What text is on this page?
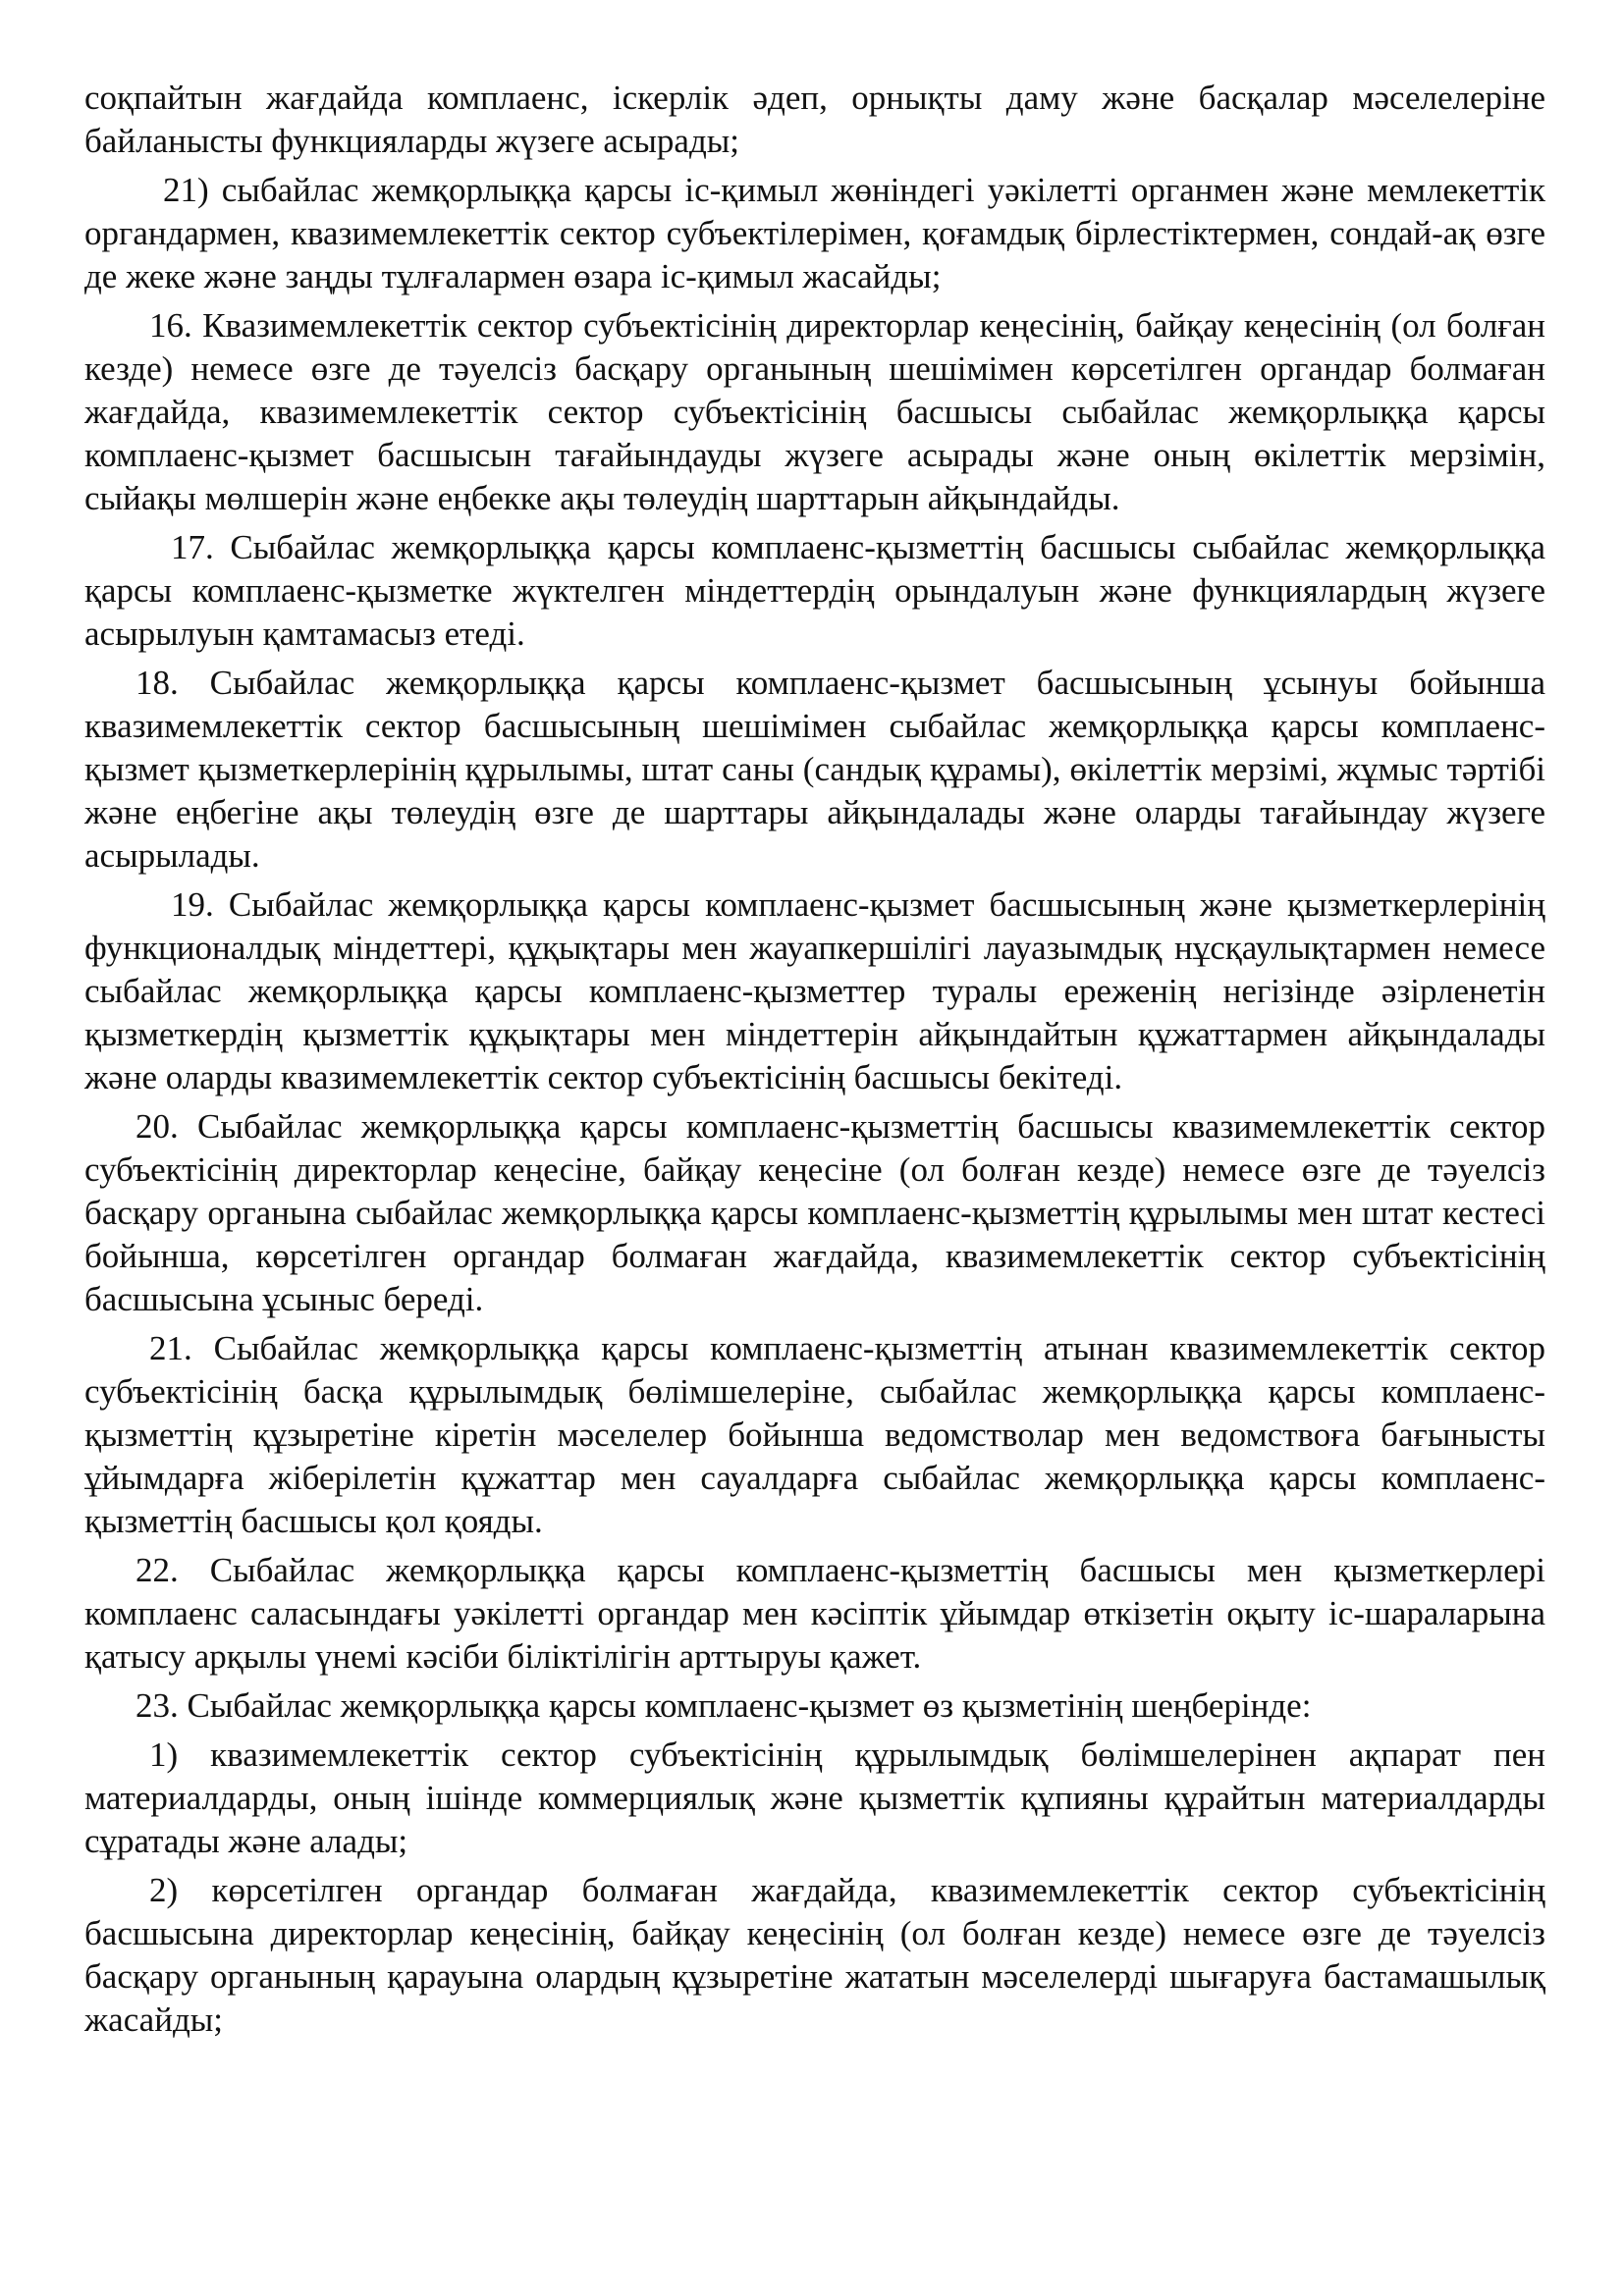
соқпайтын жағдайда комплаенс, іскерлік әдеп, орнықты даму және басқалар мәселелеріне байланысты функцияларды жүзеге асырады;

21) сыбайлас жемқорлыққа қарсы іс-қимыл жөніндегі уәкілетті органмен және мемлекеттік органдармен, квазимемлекеттік сектор субъектілерімен, қоғамдық бірлестіктермен, сондай-ақ өзге де жеке және заңды тұлғалармен өзара іс-қимыл жасайды;

16. Квазимемлекеттік сектор субъектісінің директорлар кеңесінің, байқау кеңесінің (ол болған кезде) немесе өзге де тәуелсіз басқару органының шешімімен көрсетілген органдар болмаған жағдайда, квазимемлекеттік сектор субъектісінің басшысы сыбайлас жемқорлыққа қарсы комплаенс-қызмет басшысын тағайындауды жүзеге асырады және оның өкілеттік мерзімін, сыйақы мөлшерін және еңбекке ақы төлеудің шарттарын айқындайды.

17. Сыбайлас жемқорлыққа қарсы комплаенс-қызметтің басшысы сыбайлас жемқорлыққа қарсы комплаенс-қызметке жүктелген міндеттердің орындалуын және функциялардың жүзеге асырылуын қамтамасыз етеді.

18. Сыбайлас жемқорлыққа қарсы комплаенс-қызмет басшысының ұсынуы бойынша квазимемлекеттік сектор басшысының шешімімен сыбайлас жемқорлыққа қарсы комплаенс-қызмет қызметкерлерінің құрылымы, штат саны (сандық құрамы), өкілеттік мерзімі, жұмыс тәртібі және еңбегіне ақы төлеудің өзге де шарттары айқындалады және оларды тағайындау жүзеге асырылады.

19. Сыбайлас жемқорлыққа қарсы комплаенс-қызмет басшысының және қызметкерлерінің функционалдық міндеттері, құқықтары мен жауапкершілігі лауазымдық нұсқаулықтармен немесе сыбайлас жемқорлыққа қарсы комплаенс-қызметтер туралы ереженің негізінде әзірленетін қызметкердің қызметтік құқықтары мен міндеттерін айқындайтын құжаттармен айқындалады және оларды квазимемлекеттік сектор субъектісінің басшысы бекітеді.

20. Сыбайлас жемқорлыққа қарсы комплаенс-қызметтің басшысы квазимемлекеттік сектор субъектісінің директорлар кеңесіне, байқау кеңесіне (ол болған кезде) немесе өзге де тәуелсіз басқару органына сыбайлас жемқорлыққа қарсы комплаенс-қызметтің құрылымы мен штат кестесі бойынша, көрсетілген органдар болмаған жағдайда, квазимемлекеттік сектор субъектісінің басшысына ұсыныс береді.

21. Сыбайлас жемқорлыққа қарсы комплаенс-қызметтің атынан квазимемлекеттік сектор субъектісінің басқа құрылымдық бөлімшелеріне, сыбайлас жемқорлыққа қарсы комплаенс-қызметтің құзыретіне кіретін мәселелер бойынша ведомстволар мен ведомствоға бағынысты ұйымдарға жіберілетін құжаттар мен сауалдарға сыбайлас жемқорлыққа қарсы комплаенс-қызметтің басшысы қол қояды.

22. Сыбайлас жемқорлыққа қарсы комплаенс-қызметтің басшысы мен қызметкерлері комплаенс саласындағы уәкілетті органдар мен кәсіптік ұйымдар өткізетін оқыту іс-шараларына қатысу арқылы үнемі кәсіби біліктілігін арттыруы қажет.

23. Сыбайлас жемқорлыққа қарсы комплаенс-қызмет өз қызметінің шеңберінде:

1) квазимемлекеттік сектор субъектісінің құрылымдық бөлімшелерінен ақпарат пен материалдарды, оның ішінде коммерциялық және қызметтік құпияны құрайтын материалдарды сұратады және алады;

2) көрсетілген органдар болмаған жағдайда, квазимемлекеттік сектор субъектісінің басшысына директорлар кеңесінің, байқау кеңесінің (ол болған кезде) немесе өзге де тәуелсіз басқару органының қарауына олардың құзыретіне жататын мәселелерді шығаруға бастамашылық жасайды;
